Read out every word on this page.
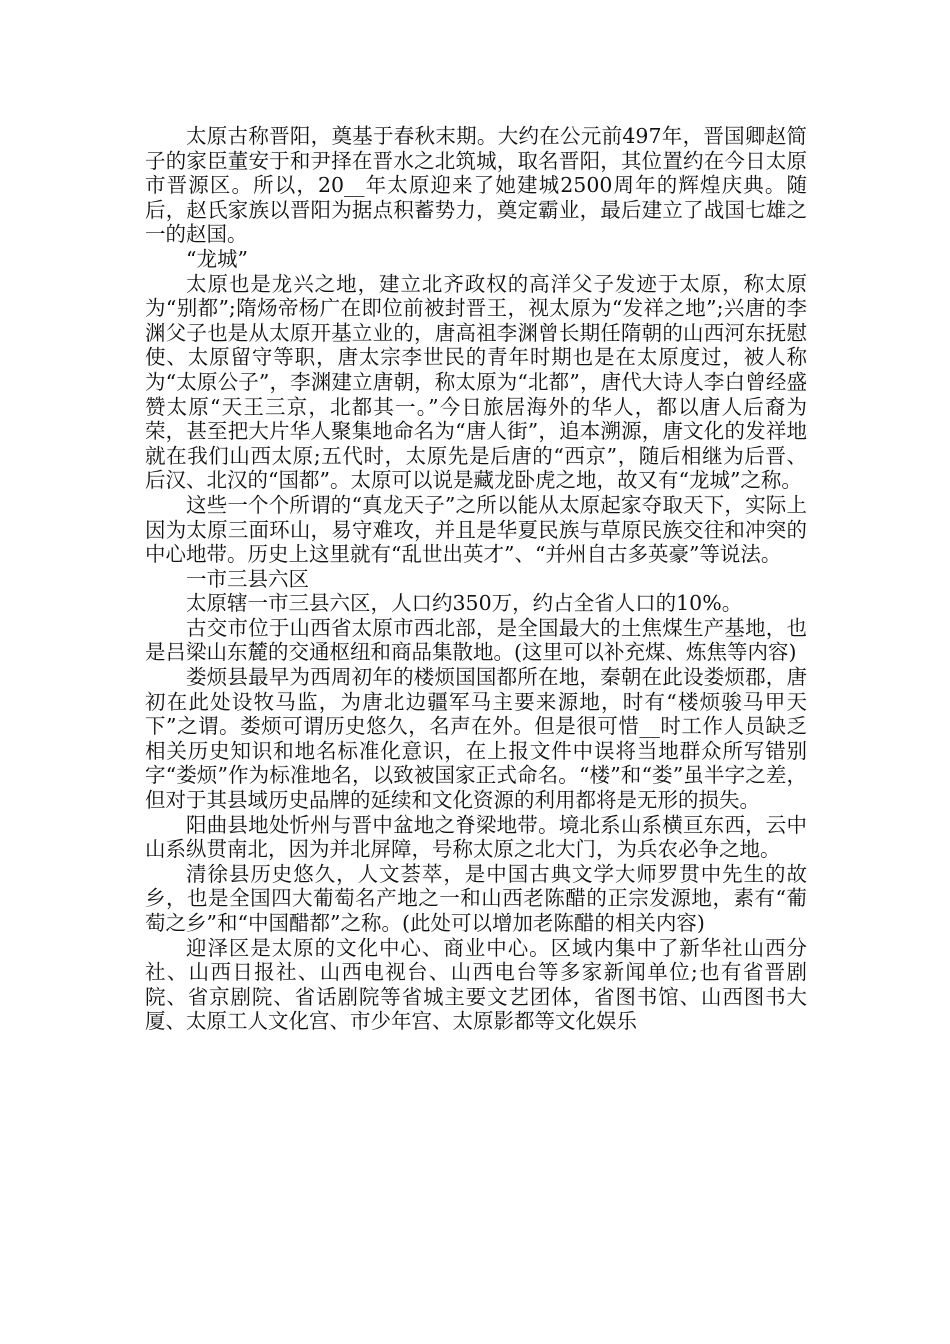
太原古称晋阳，奠基于春秋末期。大约在公元前497年，晋国卿赵简子的家臣董安于和尹择在晋水之北筑城，取名晋阳，其位置约在今日太原市晋源区。所以，20__年太原迎来了她建城2500周年的辉煌庆典。随后，赵氏家族以晋阳为据点积蓄势力，奠定霸业，最后建立了战国七雄之一的赵国。

“龙城”

太原也是龙兴之地，建立北齐政权的高洋父子发迹于太原，称太原为“别都”;隋炀帝杨广在即位前被封晋王，视太原为“发祥之地”;兴唐的李渊父子也是从太原开基立业的，唐高祖李渊曾长期任隋朝的山西河东抚慰使、太原留守等职，唐太宗李世民的青年时期也是在太原度过，被人称为“太原公子”，李渊建立唐朝，称太原为“北都”，唐代大诗人李白曾经盛赞太原“天王三京，北都其一。”今日旅居海外的华人，都以唐人后裔为荣，甚至把大片华人聚集地命名为“唐人街”，追本溯源，唐文化的发祥地就在我们山西太原;五代时，太原先是后唐的“西京”，随后相继为后晋、后汉、北汉的“国都”。太原可以说是藏龙卧虎之地，故又有“龙城”之称。

这些一个个所谓的“真龙天子”之所以能从太原起家夺取天下，实际上因为太原三面环山，易守难攻，并且是华夏民族与草原民族交往和冲突的中心地带。历史上这里就有“乱世出英才”、“并州自古多英豪”等说法。

一市三县六区

太原辖一市三县六区，人口约350万，约占全省人口的10%。

古交市位于山西省太原市西北部，是全国最大的土焦煤生产基地，也是吕梁山东麓的交通枢纽和商品集散地。(这里可以补充煤、炼焦等内容)

娄烦县最早为西周初年的楼烦国国都所在地，秦朝在此设娄烦郡，唐初在此处设牧马监，为唐北边疆军马主要来源地，时有“楼烦骏马甲天下”之谓。娄烦可谓历史悠久，名声在外。但是很可惜__时工作人员缺乏相关历史知识和地名标准化意识，在上报文件中误将当地群众所写错别字“娄烦”作为标准地名，以致被国家正式命名。“楼”和“娄”虽半字之差，但对于其县域历史品牌的延续和文化资源的利用都将是无形的损失。

阳曲县地处忻州与晋中盆地之脊梁地带。境北系山系横亘东西，云中山系纵贯南北，因为并北屏障，号称太原之北大门，为兵农必争之地。

清徐县历史悠久，人文荟萃，是中国古典文学大师罗贯中先生的故乡，也是全国四大葡萄名产地之一和山西老陈醋的正宗发源地，素有“葡萄之乡”和“中国醋都”之称。(此处可以增加老陈醋的相关内容)

迎泽区是太原的文化中心、商业中心。区域内集中了新华社山西分社、山西日报社、山西电视台、山西电台等多家新闻单位;也有省晋剧院、省京剧院、省话剧院等省城主要文艺团体，省图书馆、山西图书大厦、太原工人文化宫、市少年宫、太原影都等文化娱乐
